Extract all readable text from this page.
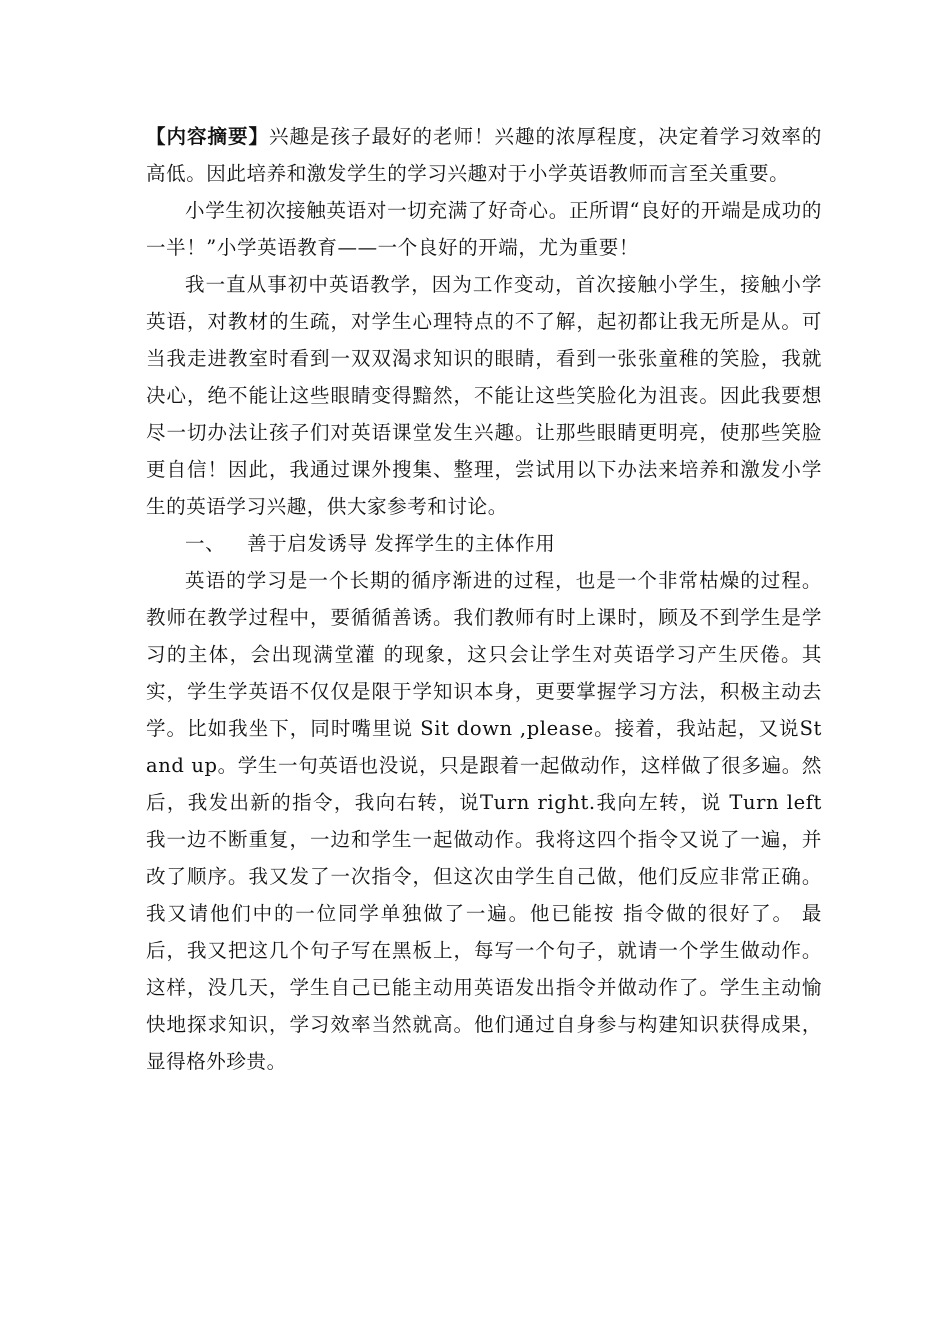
【内容摘要】兴趣是孩子最好的老师！兴趣的浓厚程度，决定着学习效率的高低。因此培养和激发学生的学习兴趣对于小学英语教师而言至关重要。

小学生初次接触英语对一切充满了好奇心。正所谓“良好的开端是成功的一半！”小学英语教育——一个良好的开端，尤为重要！

我一直从事初中英语教学，因为工作变动，首次接触小学生，接触小学英语，对教材的生疏，对学生心理特点的不了解，起初都让我无所是从。可当我走进教室时看到一双双渴求知识的眼睛，看到一张张童稚的笑脸，我就决心，绝不能让这些眼睛变得黯然，不能让这些笑脸化为沮丧。因此我要想尽一切办法让孩子们对英语课堂发生兴趣。让那些眼睛更明亮，使那些笑脸更自信！因此，我通过课外搜集、整理，尝试用以下办法来培养和激发小学生的英语学习兴趣，供大家参考和讨论。

一、 善于启发诱导 发挥学生的主体作用

英语的学习是一个长期的循序渐进的过程，也是一个非常枯燥的过程。教师在教学过程中，要循循善诱。我们教师有时上课时，顾及不到学生是学习的主体，会出现满堂灌 的现象，这只会让学生对英语学习产生厌倦。其实，学生学英语不仅仅是限于学知识本身，更要掌握学习方法，积极主动去学。比如我坐下，同时嘴里说 Sit down ,please。接着，我站起，又说Stand up。学生一句英语也没说，只是跟着一起做动作，这样做了很多遍。然后，我发出新的指令，我向右转，说Turn right.我向左转，说 Turn left 我一边不断重复，一边和学生一起做动作。我将这四个指令又说了一遍，并改了顺序。我又发了一次指令，但这次由学生自己做，他们反应非常正确。我又请他们中的一位同学单独做了一遍。他已能按 指令做的很好了。 最后，我又把这几个句子写在黑板上，每写一个句子，就请一个学生做动作。这样，没几天，学生自己已能主动用英语发出指令并做动作了。学生主动愉快地探求知识，学习效率当然就高。他们通过自身参与构建知识获得成果，显得格外珍贵。
